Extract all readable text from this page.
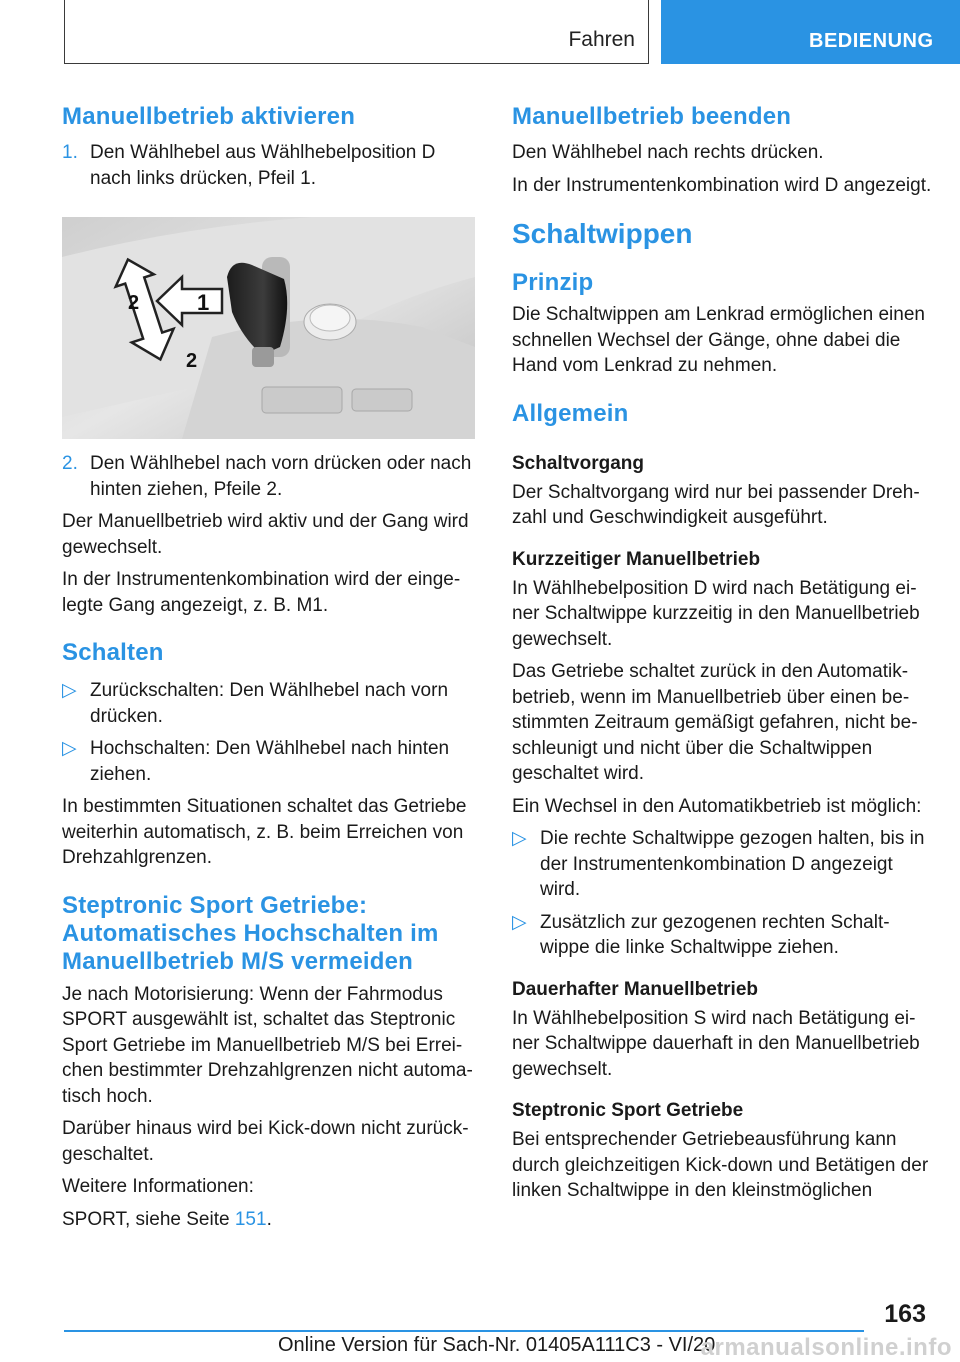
Fahren	BEDIENUNG
Manuellbetrieb aktivieren
1. Den Wählhebel aus Wählhebelposition D nach links drücken, Pfeil 1.
1
2
2
2. Den Wählhebel nach vorn drücken oder nach hinten ziehen, Pfeile 2.

Der Manuellbetrieb wird aktiv und der Gang wird gewechselt.

In der Instrumentenkombination wird der eingelegte Gang angezeigt, z. B. M1.

Schalten
▷ Zurückschalten: Den Wählhebel nach vorn drücken.
▷ Hochschalten: Den Wählhebel nach hinten ziehen.

In bestimmten Situationen schaltet das Getriebe weiterhin automatisch, z. B. beim Erreichen von Drehzahlgrenzen.

Steptronic Sport Getriebe: Automatisches Hochschalten im Manuellbetrieb M/S vermeiden

Je nach Motorisierung: Wenn der Fahrmodus SPORT ausgewählt ist, schaltet das Steptronic Sport Getriebe im Manuellbetrieb M/S bei Erreichen bestimmter Drehzahlgrenzen nicht automatisch hoch.

Darüber hinaus wird bei Kick-down nicht zurückgeschaltet.

Weitere Informationen:

SPORT, siehe Seite 151.

Manuellbetrieb beenden

Den Wählhebel nach rechts drücken.

In der Instrumentenkombination wird D angezeigt.

Schaltwippen
Prinzip

Die Schaltwippen am Lenkrad ermöglichen einen schnellen Wechsel der Gänge, ohne dabei die Hand vom Lenkrad zu nehmen.

Allgemein
Schaltvorgang

Der Schaltvorgang wird nur bei passender Drehzahl und Geschwindigkeit ausgeführt.

Kurzzeitiger Manuellbetrieb

In Wählhebelposition D wird nach Betätigung einer Schaltwippe kurzzeitig in den Manuellbetrieb gewechselt.

Das Getriebe schaltet zurück in den Automatikbetrieb, wenn im Manuellbetrieb über einen bestimmten Zeitraum gemäßigt gefahren, nicht beschleunigt und nicht über die Schaltwippen geschaltet wird.

Ein Wechsel in den Automatikbetrieb ist möglich:

▷ Die rechte Schaltwippe gezogen halten, bis in der Instrumentenkombination D angezeigt wird.
▷ Zusätzlich zur gezogenen rechten Schaltwippe die linke Schaltwippe ziehen.
Dauerhafter Manuellbetrieb

In Wählhebelposition S wird nach Betätigung einer Schaltwippe dauerhaft in den Manuellbetrieb gewechselt.

Steptronic Sport Getriebe

Bei entsprechender Getriebeausführung kann durch gleichzeitigen Kick-down und Betätigen der linken Schaltwippe in den kleinstmöglichen

163
Online Version für Sach-Nr. 01405A111C3 - VI/20
armanualsonline.info
